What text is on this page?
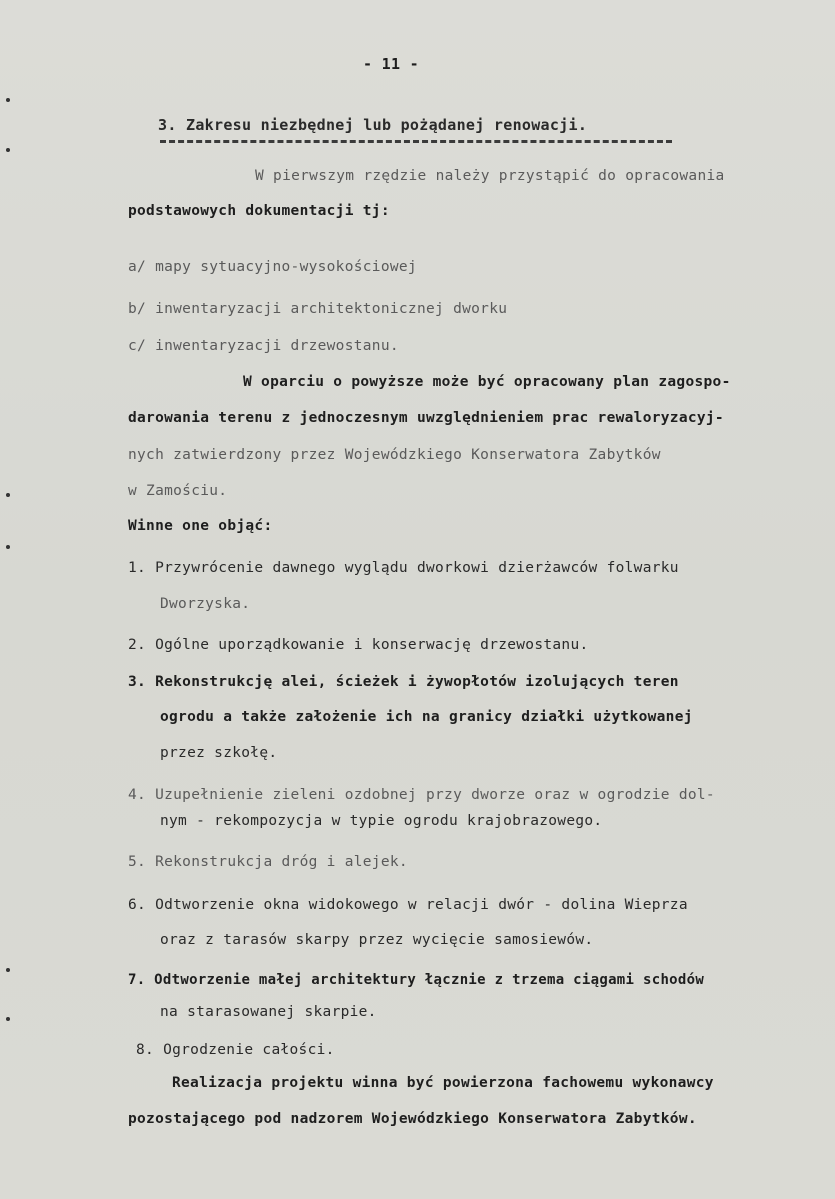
- 11 -
3. Zakresu niezbędnej lub pożądanej renowacji.
W pierwszym rzędzie należy przystąpić do opracowania
podstawowych dokumentacji tj:
a/ mapy sytuacyjno-wysokościowej
b/ inwentaryzacji architektonicznej dworku
c/ inwentaryzacji drzewostanu.
W oparciu o powyższe może być opracowany plan zagospo-
darowania terenu z jednoczesnym uwzględnieniem prac rewaloryzacyj-
nych zatwierdzony przez Wojewódzkiego Konserwatora Zabytków
w Zamościu.
Winne one objąć:
1. Przywrócenie dawnego wyglądu dworkowi dzierżawców folwarku
Dworzyska.
2. Ogólne uporządkowanie i konserwację drzewostanu.
3. Rekonstrukcję alei, ścieżek i żywopłotów izolujących teren
ogrodu a także założenie ich na granicy działki użytkowanej
przez szkołę.
4. Uzupełnienie zieleni ozdobnej przy dworze oraz w ogrodzie dol-
nym - rekompozycja w typie ogrodu krajobrazowego.
5. Rekonstrukcja dróg i alejek.
6. Odtworzenie okna widokowego w relacji dwór - dolina Wieprza
oraz z tarasów skarpy przez wycięcie samosiewów.
7. Odtworzenie małej architektury łącznie z trzema ciągami schodów
na starasowanej skarpie.
8. Ogrodzenie całości.
Realizacja projektu winna być powierzona fachowemu wykonawcy
pozostającego pod nadzorem Wojewódzkiego Konserwatora Zabytków.
